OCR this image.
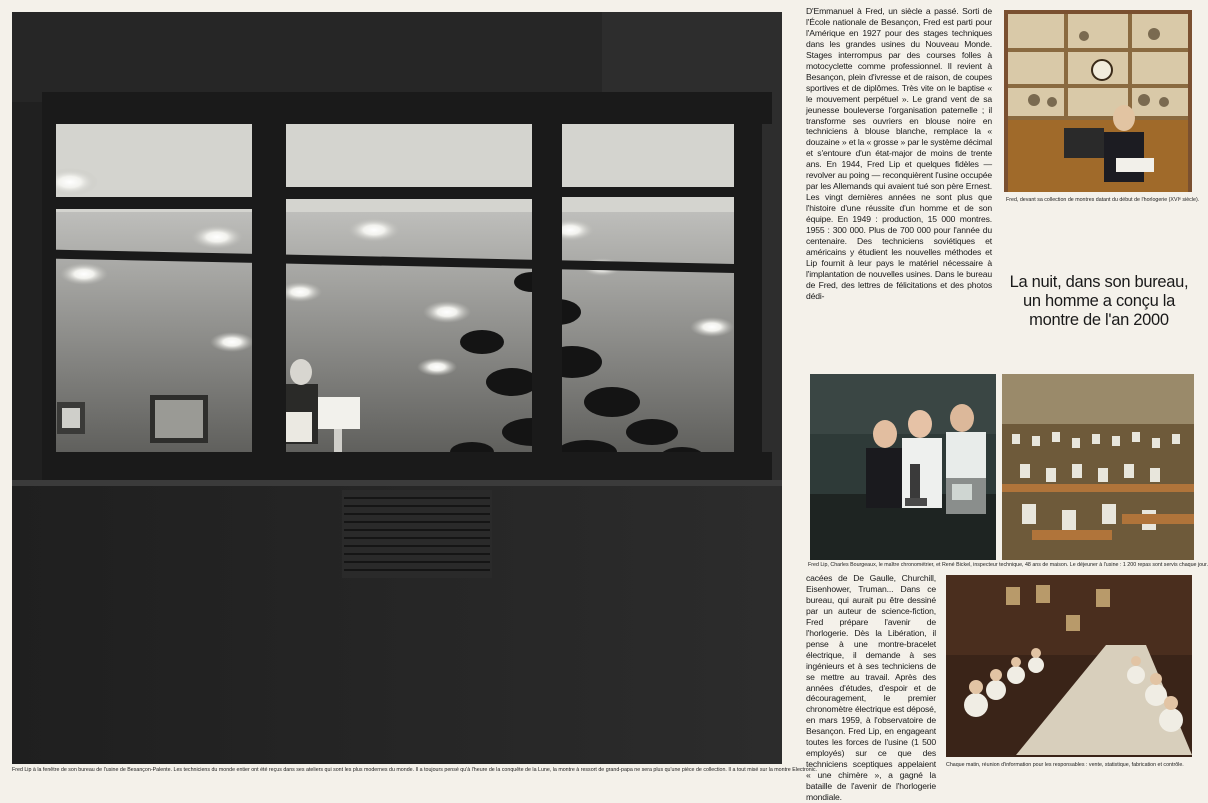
Fred Lip à la fenêtre de son bureau de l'usine de Besançon-Palente. Les techniciens du monde entier ont été reçus dans ses ateliers qui sont les plus modernes du monde. Il a toujours pensé qu'à l'heure de la conquête de la Lune, la montre à ressort de grand-papa ne sera plus qu'une pièce de collection. Il a tout misé sur la montre Electronic.
D'Emmanuel à Fred, un siècle a passé. Sorti de l'École nationale de Besançon, Fred est parti pour l'Amérique en 1927 pour des stages techniques dans les grandes usines du Nouveau Monde. Stages interrompus par des courses folles à motocyclette comme professionnel. Il revient à Besançon, plein d'ivresse et de raison, de coupes sportives et de diplômes. Très vite on le baptise « le mouvement perpétuel ». Le grand vent de sa jeunesse bouleverse l'organisation paternelle ; il transforme ses ouvriers en blouse noire en techniciens à blouse blanche, remplace la « douzaine » et la « grosse » par le système décimal et s'entoure d'un état-major de moins de trente ans. En 1944, Fred Lip et quelques fidèles — revolver au poing — reconquièrent l'usine occupée par les Allemands qui avaient tué son père Ernest. Les vingt dernières années ne sont plus que l'histoire d'une réussite d'un homme et de son équipe. En 1949 : production, 15 000 montres. 1955 : 300 000. Plus de 700 000 pour l'année du centenaire. Des techniciens soviétiques et américains y étudient les nouvelles méthodes et Lip fournit à leur pays le matériel nécessaire à l'implantation de nouvelles usines. Dans le bureau de Fred, des lettres de félicitations et des photos dédi-
La nuit, dans son bureau, un homme a conçu la montre de l'an 2000
Fred, devant sa collection de montres datant du début de l'horlogerie (XVIᵉ siècle).
Fred Lip, Charles Bourgeaux, le maître chronométrier, et René Bickel, inspecteur technique, 48 ans de maison. Le déjeuner à l'usine : 1 200 repas sont servis chaque jour.
cacées de De Gaulle, Churchill, Eisenhower, Truman... Dans ce bureau, qui aurait pu être dessiné par un auteur de science-fiction, Fred prépare l'avenir de l'horlogerie. Dès la Libération, il pense à une montre-bracelet électrique, il demande à ses ingénieurs et à ses techniciens de se mettre au travail. Après des années d'études, d'espoir et de découragement, le premier chronomètre électrique est déposé, en mars 1959, à l'observatoire de Besançon. Fred Lip, en engageant toutes les forces de l'usine (1 500 employés) sur ce que des techniciens sceptiques appelaient « une chimère », a gagné la bataille de l'avenir de l'horlogerie mondiale.
Chaque matin, réunion d'information pour les responsables : vente, statistique, fabrication et contrôle.
